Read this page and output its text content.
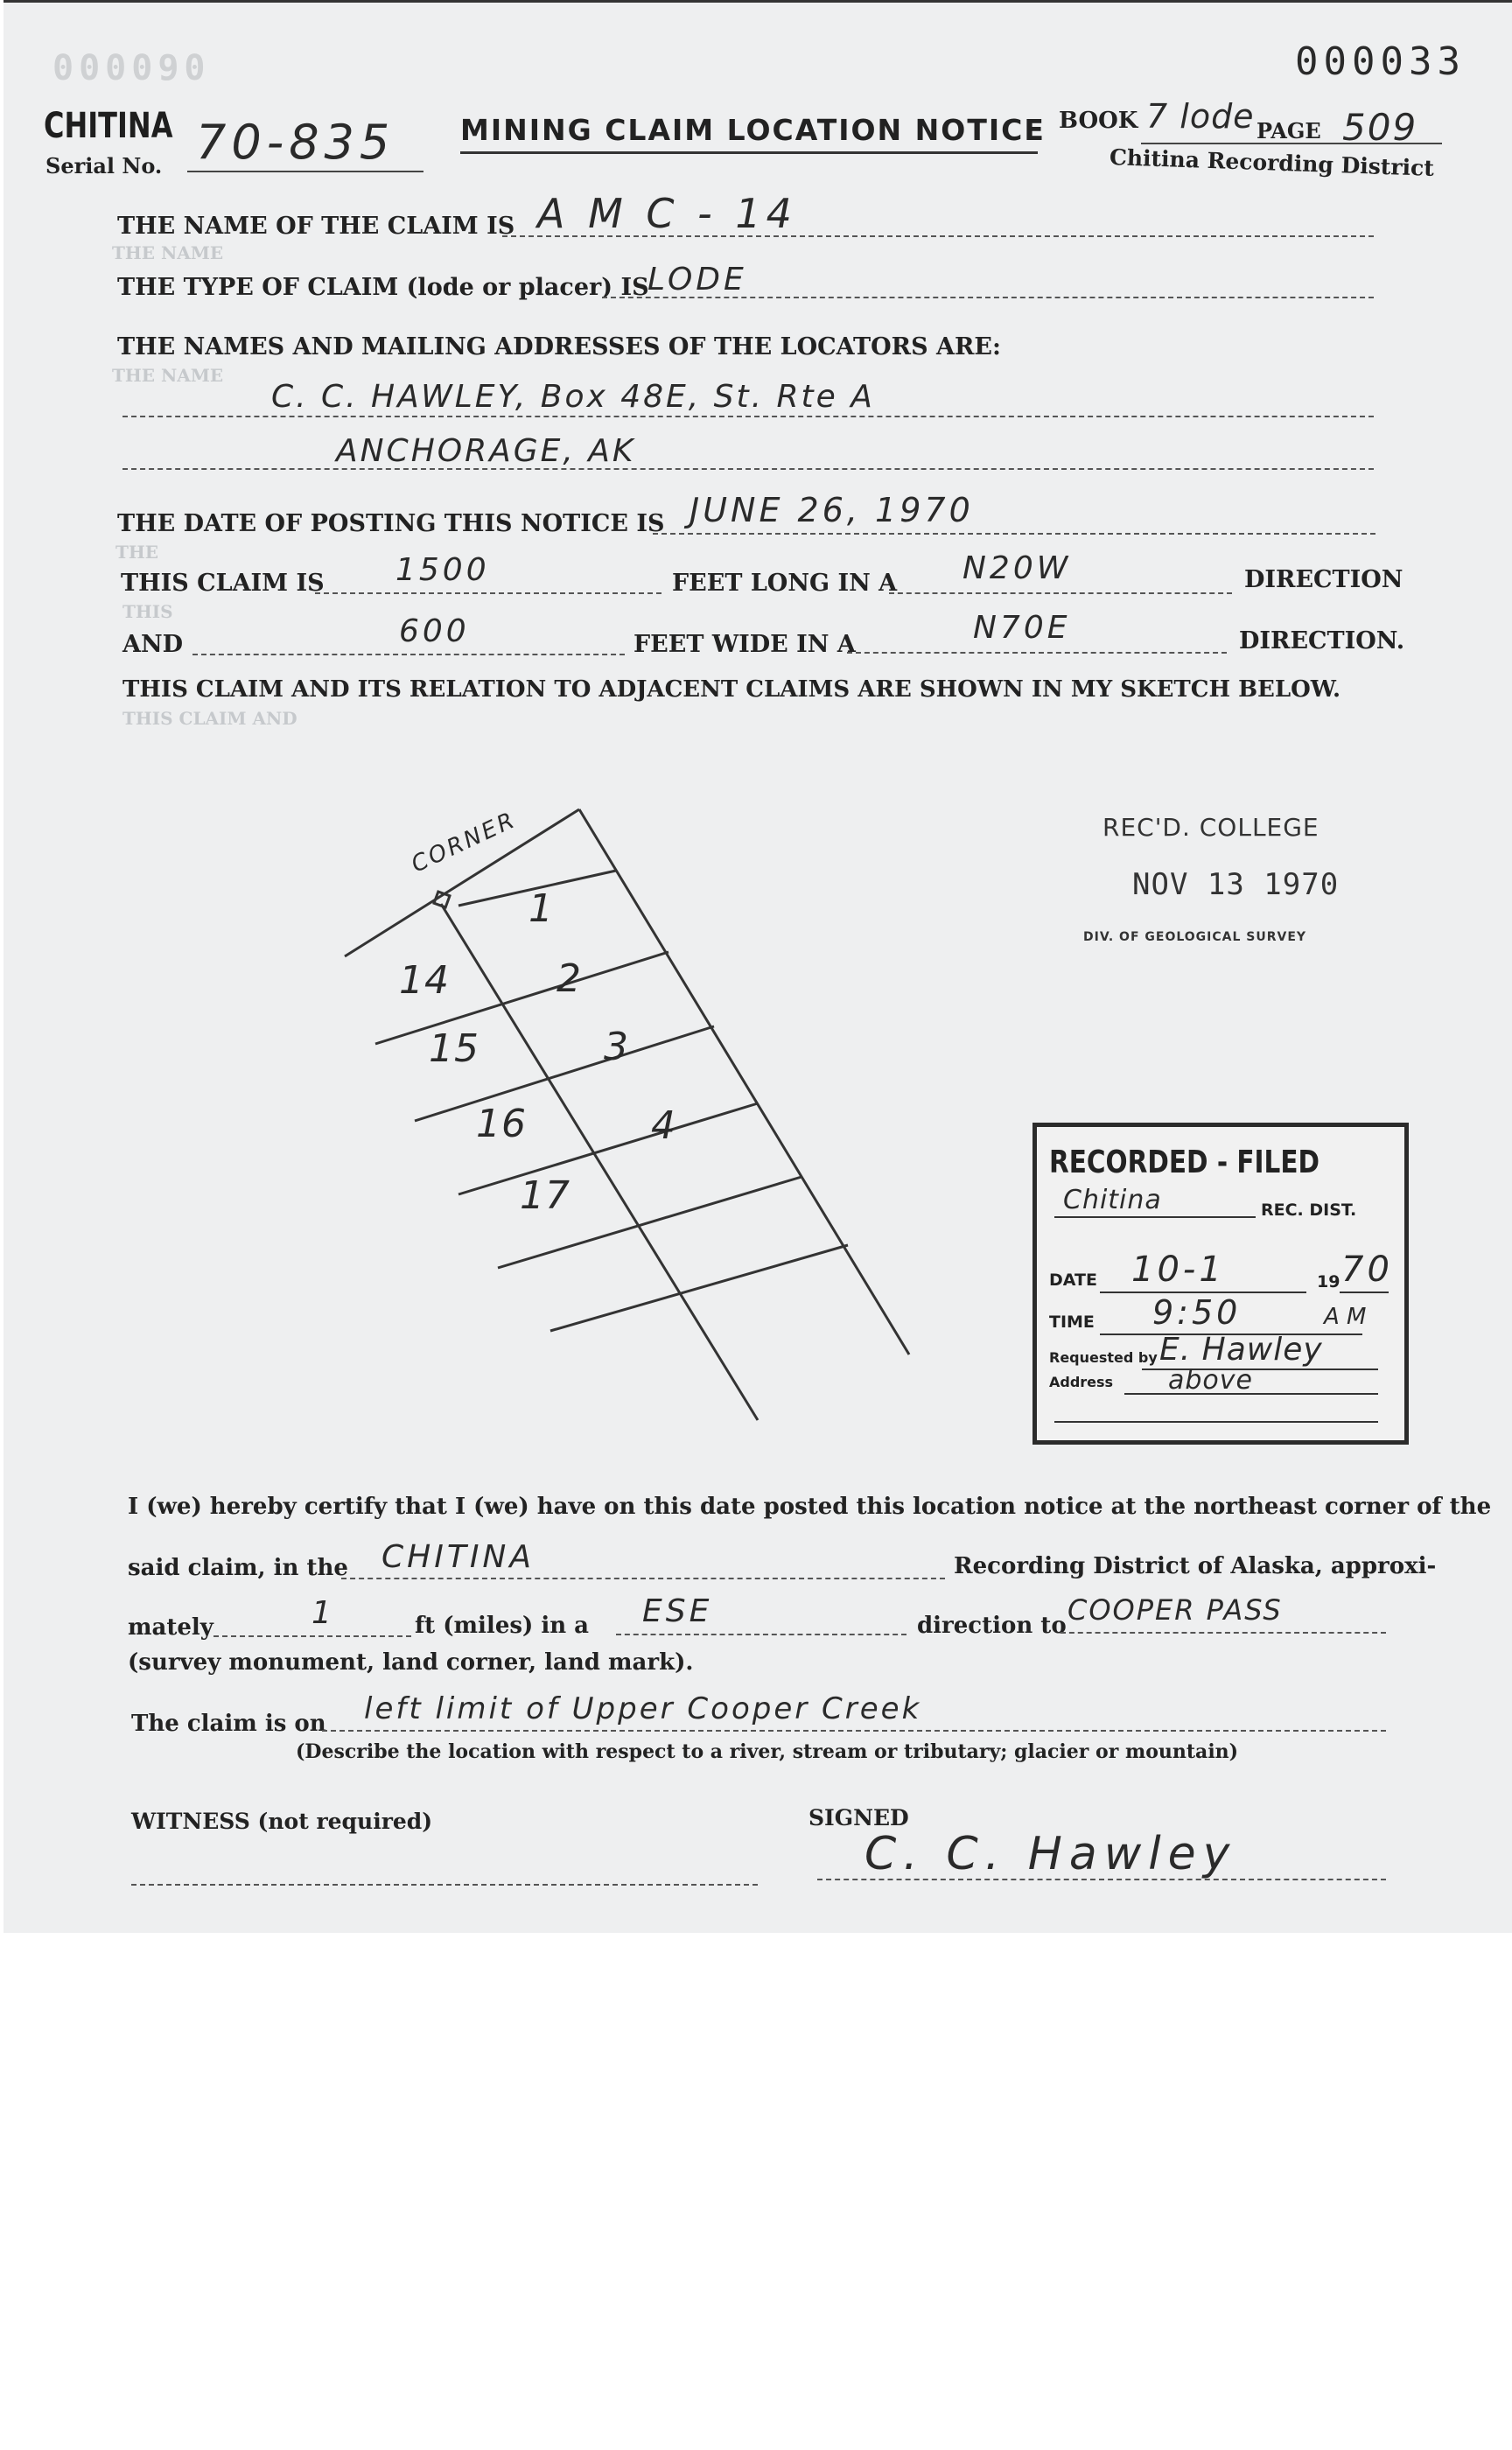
000090	000033
CHITINA
Serial No. 70-835 MINING CLAIM LOCATION NOTICE BOOK 7 lode PAGE 509
Chitina Recording District
THE NAME OF THE CLAIM IS A M C - 14
THE NAME
THE TYPE OF CLAIM (lode or placer) IS
LODE
THE NAMES AND MAILING ADDRESSES OF THE LOCATORS ARE:
THE NAME
C. C. HAWLEY, Box 48E, St. Rte A
ANCHORAGE, AK
THE DATE OF POSTING THIS NOTICE IS JUNE 26, 1970
THE
THIS CLAIM IS 1500	FEET LONG IN A N20W	DIRECTION
THIS
AND	600	FEET WIDE IN A	N70E	DIRECTION.
THIS CLAIM AND ITS RELATION TO ADJACENT CLAIMS ARE SHOWN IN MY SKETCH BELOW.
THIS CLAIM AND
CORNER
1
2
3
4
14
15
16
17
REC'D. COLLEGE
NOV 13 1970
DIV. OF GEOLOGICAL SURVEY
RECORDED - FILED
Chitina	REC. DIST.
DATE 10-1	19 70
TIME 9:50	A M
Requested by E. Hawley
Address above
I (we) hereby certify that I (we) have on this date posted this location notice at the northeast corner of the
said claim, in the CHITINA	Recording District of Alaska, approxi-
mately	1	ft (miles) in a ESE	direction to COOPER PASS
(survey monument, land corner, land mark).
The claim is on left limit of Upper Cooper Creek
(Describe the location with respect to a river, stream or tributary; glacier or mountain)
WITNESS (not required)	SIGNED
C. C. Hawley
